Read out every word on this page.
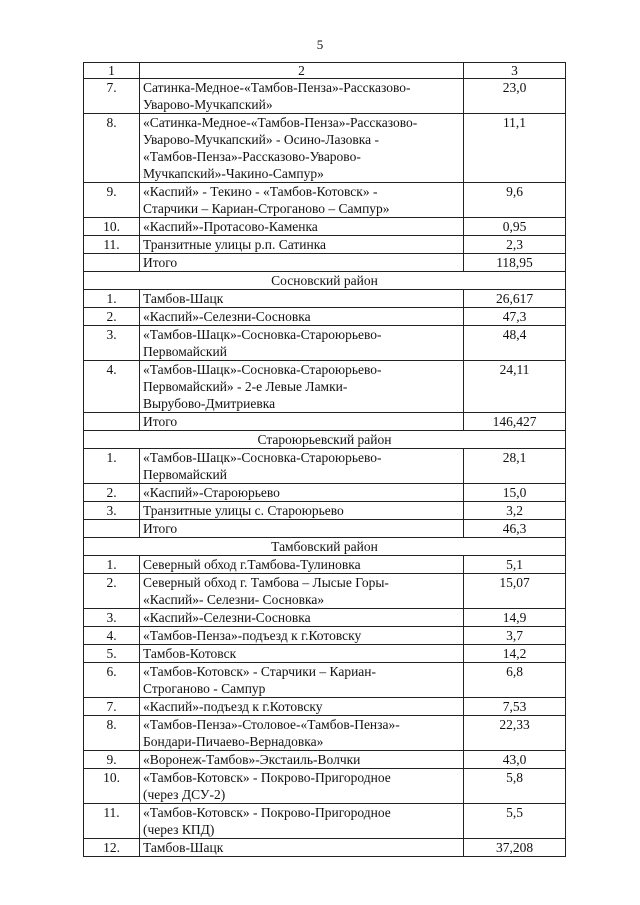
5
1	2	3
7.	Сатинка-Медное-«Тамбов-Пенза»-Рассказово-
Уварово-Мучкапский»	23,0
8.	«Сатинка-Медное-«Тамбов-Пенза»-Рассказово-
Уварово-Мучкапский» - Осино-Лазовка -
«Тамбов-Пенза»-Рассказово-Уварово-
Мучкапский»-Чакино-Сампур»	11,1
9.	«Каспий» - Текино - «Тамбов-Котовск» -
Старчики – Кариан-Строганово – Сампур»	9,6
10.	«Каспий»-Протасово-Каменка	0,95
11.	Транзитные улицы р.п. Сатинка	2,3
	Итого	118,95
Сосновский район		
1.	Тамбов-Шацк	26,617
2.	«Каспий»-Селезни-Сосновка	47,3
3.	«Тамбов-Шацк»-Сосновка-Староюрьево-
Первомайский	48,4
4.	«Тамбов-Шацк»-Сосновка-Староюрьево-
Первомайский» - 2-е Левые Ламки-
Вырубово-Дмитриевка	24,11
	Итого	146,427
Староюрьевский район		
1.	«Тамбов-Шацк»-Сосновка-Староюрьево-
Первомайский	28,1
2.	«Каспий»-Староюрьево	15,0
3.	Транзитные улицы с. Староюрьево	3,2
	Итого	46,3
Тамбовский район		
1.	Северный обход г.Тамбова-Тулиновка	5,1
2.	Северный обход г. Тамбова – Лысые Горы-
«Каспий»- Селезни- Сосновка»	15,07
3.	«Каспий»-Селезни-Сосновка	14,9
4.	«Тамбов-Пенза»-подъезд к г.Котовску	3,7
5.	Тамбов-Котовск	14,2
6.	«Тамбов-Котовск» - Старчики – Кариан-
Строганово - Сампур	6,8
7.	«Каспий»-подъезд к г.Котовску	7,53
8.	«Тамбов-Пенза»-Столовое-«Тамбов-Пенза»-
Бондари-Пичаево-Вернадовка»	22,33
9.	«Воронеж-Тамбов»-Экстаиль-Волчки	43,0
10.	«Тамбов-Котовск» - Покрово-Пригородное
(через ДСУ-2)	5,8
11.	«Тамбов-Котовск» - Покрово-Пригородное
(через КПД)	5,5
12.	Тамбов-Шацк	37,208
